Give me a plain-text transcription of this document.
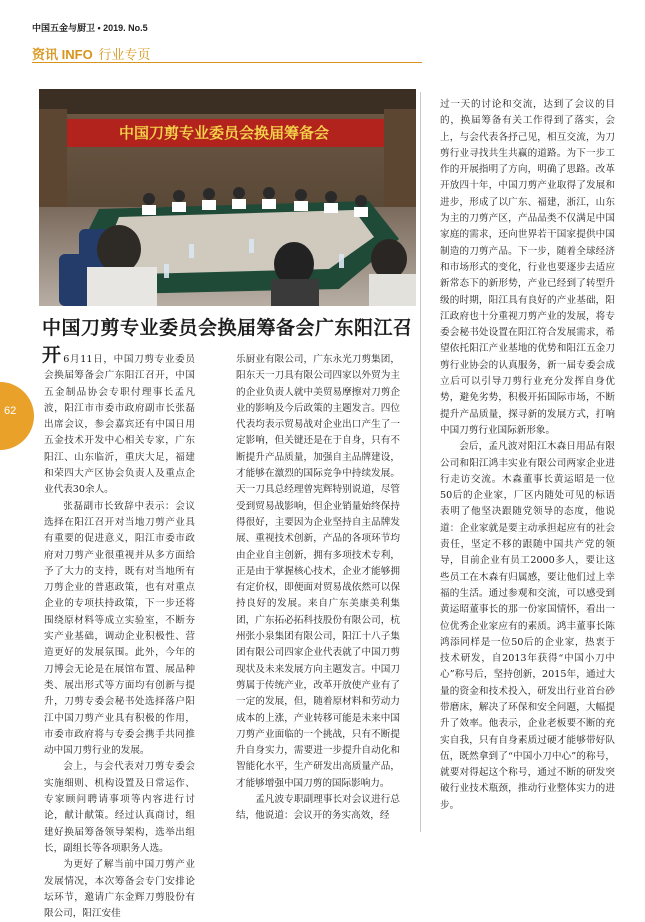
中国五金与厨卫 • 2019. No.5
资讯 INFO 行业专页
62
中国刀剪专业委员会换届筹备会
中国刀剪专业委员会换届筹备会广东阳江召开 6月11日，中国刀剪专业委员会换届筹备会广东阳江召开，中国五金制品协会专职付理事长孟凡波，阳江市市委市政府副市长张磊出席会议，参会嘉宾还有中国日用五金技术开发中心相关专家，广东阳江、山东临沂，重庆大足，福建和荣四大产区协会负责人及重点企业代表30余人。

张磊副市长致辞中表示：会议选择在阳江召开对当地刀剪产业具有重要的促进意义，阳江市委市政府对刀剪产业很重视并从多方面给予了大力的支持，既有对当地所有刀剪企业的普惠政策，也有对重点企业的专项扶持政策，下一步还将围绕原材料等成立实验室，不断夯实产业基础，调动企业积极性、营造更好的发展氛围。此外，今年的刀博会无论是在展馆布置、展品种类、展出形式等方面均有创新与提升，刀剪专委会秘书处选择落户阳江中国刀剪产业具有积极的作用，市委市政府将与专委会携手共同推动中国刀剪行业的发展。

会上，与会代表对刀剪专委会实施细则、机构设置及日常运作、专家顾问聘请事项等内容进行讨论，献计献策。经过认真商讨，组建好换届筹备领导架构，选举出组长，副组长等各项职务人选。

为更好了解当前中国刀剪产业发展情况，本次筹备会专门安排论坛环节，邀请广东金辉刀剪股份有限公司，阳江安佳

乐厨业有限公司，广东永光刀剪集团，阳东天一刀具有限公司四家以外贸为主的企业负责人就中美贸易摩擦对刀剪企业的影响及今后政策的主题发言。四位代表均表示贸易战对企业出口产生了一定影响，但关键还是在于自身，只有不断提升产品质量，加强自主品牌建设，才能够在激烈的国际竞争中持续发展。天一刀具总经理曾宪辉特别说道，尽管受到贸易战影响，但企业销量始终保持得很好，主要因为企业坚持自主品牌发展、重视技术创新，产品的各项环节均由企业自主创新，拥有多项技术专利，正是由于掌握核心技术，企业才能够拥有定价权，即便面对贸易战依然可以保持良好的发展。来自广东美康美利集团，广东拓必拓科技股份有限公司，杭州张小泉集团有限公司，阳江十八子集团有限公司四家企业代表就了中国刀剪现状及未来发展方向主题发言。中国刀剪属于传统产业，改革开放使产业有了一定的发展，但，随着原材料和劳动力成本的上涨，产业转移可能是未来中国刀剪产业面临的一个挑战，只有不断提升自身实力，需要进一步提升自动化和智能化水平，生产研发出高质量产品，才能够增强中国刀剪的国际影响力。

孟凡波专职副理事长对会议进行总结，他说道：会议开的务实高效，经

过一天的讨论和交流，达到了会议的目的，换届筹备有关工作得到了落实，会上，与会代表各抒己见，相互交流，为刀剪行业寻找共生共赢的道路。为下一步工作的开展指明了方向，明确了思路。改革开放四十年，中国刀剪产业取得了发展和进步，形成了以广东、福建，浙江，山东为主的刀剪产区，产品品类不仅满足中国家庭的需求，还向世界若干国家提供中国制造的刀剪产品。下一步，随着全球经济和市场形式的变化，行业也要逐步去适应新常态下的新形势，产业已经到了转型升级的时期，阳江具有良好的产业基础，阳江政府也十分重视刀剪产业的发展，将专委会秘书处设置在阳江符合发展需求，希望依托阳江产业基地的优势和阳江五金刀剪行业协会的认真服务，新一届专委会成立后可以引导刀剪行业充分发挥自身优势，避免劣势，积极开拓国际市场，不断提升产品质量，探寻新的发展方式，打响中国刀剪行业国际新形象。

会后，孟凡波对阳江木森日用品有限公司和阳江鸿丰实业有限公司两家企业进行走访交流。木森董事长黄运昭是一位50后的企业家，厂区内随处可见的标语表明了他坚决跟随党领导的态度，他说道：企业家就是要主动承担起应有的社会责任，坚定不移的跟随中国共产党的领导，目前企业有员工2000多人，要让这些员工在木森有归属感，要让他们过上幸福的生活。通过参观和交流，可以感受到黄运昭董事长的那一份家国情怀，看出一位优秀企业家应有的素质。鸿丰董事长陈鸿添同样是一位50后的企业家，热衷于技术研发，自2013年获得“中国小刀中心”称号后，坚持创新，2015年，通过大量的资金和技术投入，研发出行业首台砂带磨床，解决了环保和安全问题，大幅提升了效率。他表示，企业老板要不断的充实自我，只有自身素质过硬才能够带好队伍，既然拿到了“中国小刀中心”的称号，就要对得起这个称号，通过不断的研发突破行业技术瓶颈，推动行业整体实力的进步。
